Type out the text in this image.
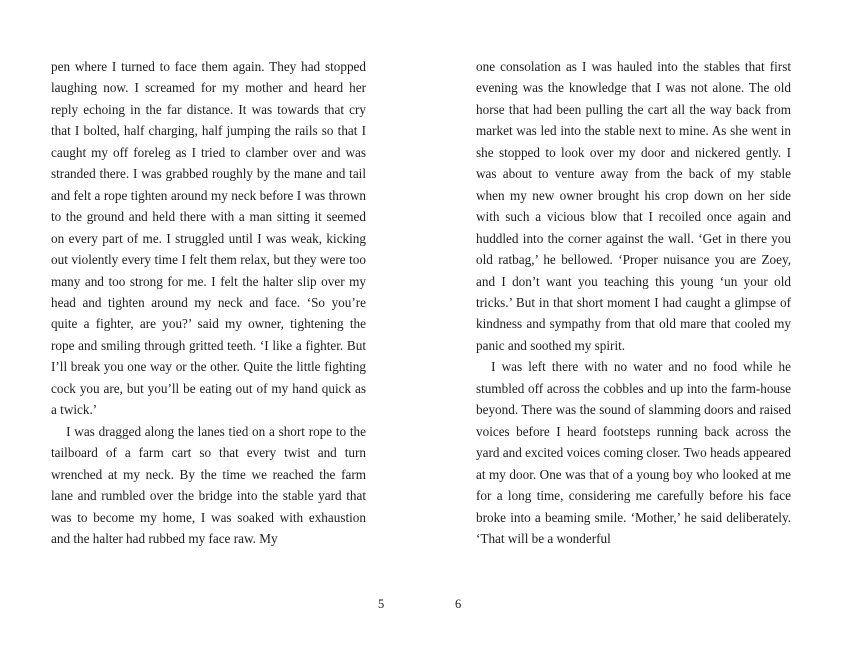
pen where I turned to face them again. They had stopped laughing now. I screamed for my mother and heard her reply echoing in the far distance. It was towards that cry that I bolted, half charging, half jumping the rails so that I caught my off foreleg as I tried to clamber over and was stranded there. I was grabbed roughly by the mane and tail and felt a rope tighten around my neck before I was thrown to the ground and held there with a man sitting it seemed on every part of me. I struggled until I was weak, kicking out violently every time I felt them relax, but they were too many and too strong for me. I felt the halter slip over my head and tighten around my neck and face. ‘So you’re quite a fighter, are you?’ said my owner, tightening the rope and smiling through gritted teeth. ‘I like a fighter. But I’ll break you one way or the other. Quite the little fighting cock you are, but you’ll be eating out of my hand quick as a twick.’

I was dragged along the lanes tied on a short rope to the tailboard of a farm cart so that every twist and turn wrenched at my neck. By the time we reached the farm lane and rumbled over the bridge into the stable yard that was to become my home, I was soaked with exhaustion and the halter had rubbed my face raw. My

one consolation as I was hauled into the stables that first evening was the knowledge that I was not alone. The old horse that had been pulling the cart all the way back from market was led into the stable next to mine. As she went in she stopped to look over my door and nickered gently. I was about to venture away from the back of my stable when my new owner brought his crop down on her side with such a vicious blow that I recoiled once again and huddled into the corner against the wall. ‘Get in there you old ratbag,’ he bellowed. ‘Proper nuisance you are Zoey, and I don’t want you teaching this young ‘un your old tricks.’ But in that short moment I had caught a glimpse of kindness and sympathy from that old mare that cooled my panic and soothed my spirit.

I was left there with no water and no food while he stumbled off across the cobbles and up into the farm-house beyond. There was the sound of slamming doors and raised voices before I heard footsteps running back across the yard and excited voices coming closer. Two heads appeared at my door. One was that of a young boy who looked at me for a long time, considering me carefully before his face broke into a beaming smile. ‘Mother,’ he said deliberately. ‘That will be a wonderful

5	6
